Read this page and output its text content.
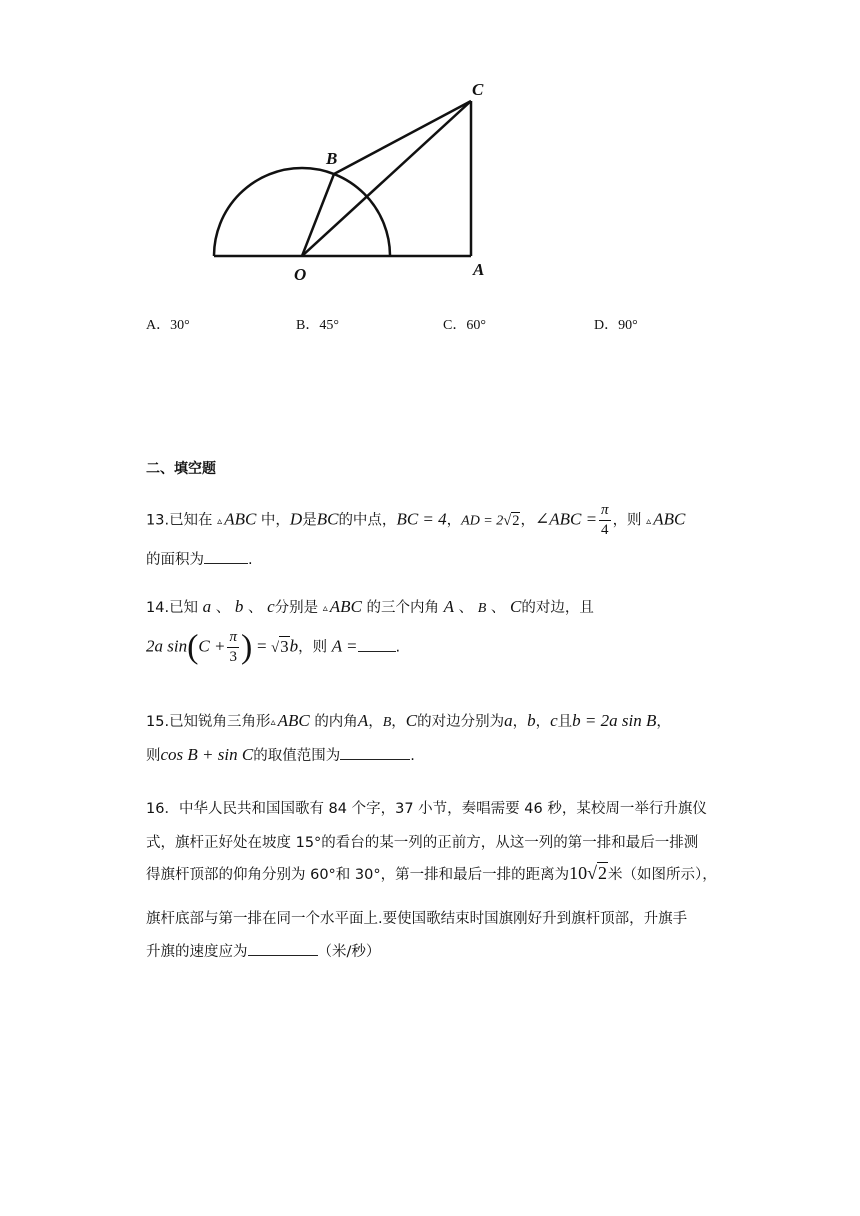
C
B
O	A
A．30°	B．45°	C．60°	D．90°
二、填空题
13.已知在 ▵ ABC 中，D是BC的中点，BC = 4，AD = 2√2，∠ABC = $\frac{\pi}{4}$ ，则 ▵ ABC
的面积为	.
14.已知 a 、 b 、 c分别是 ▵ ABC 的三个内角 A 、 B 、 C的对边，且
2a $\sin(C + \frac{\pi}{3}$ ) = √3b，则 A =	.
15.已知锐角三角形▵ ABC 的内角A，B，C的对边分别为a，b，c且b = 2a sin B，
则cos B + sin C的取值范围为	.
16．中华人民共和国国歌有 84 个字，37 小节，奏唱需要 46 秒，某校周一举行升旗仪
式，旗杆正好处在坡度 15°的看台的某一列的正前方，从这一列的第一排和最后一排测
得旗杆顶部的仰角分别为 60°和 30°，第一排和最后一排的距离为10√2米（如图所示），
旗杆底部与第一排在同一个水平面上.要使国歌结束时国旗刚好升到旗杆顶部，升旗手
升旗的速度应为	（米/秒）
